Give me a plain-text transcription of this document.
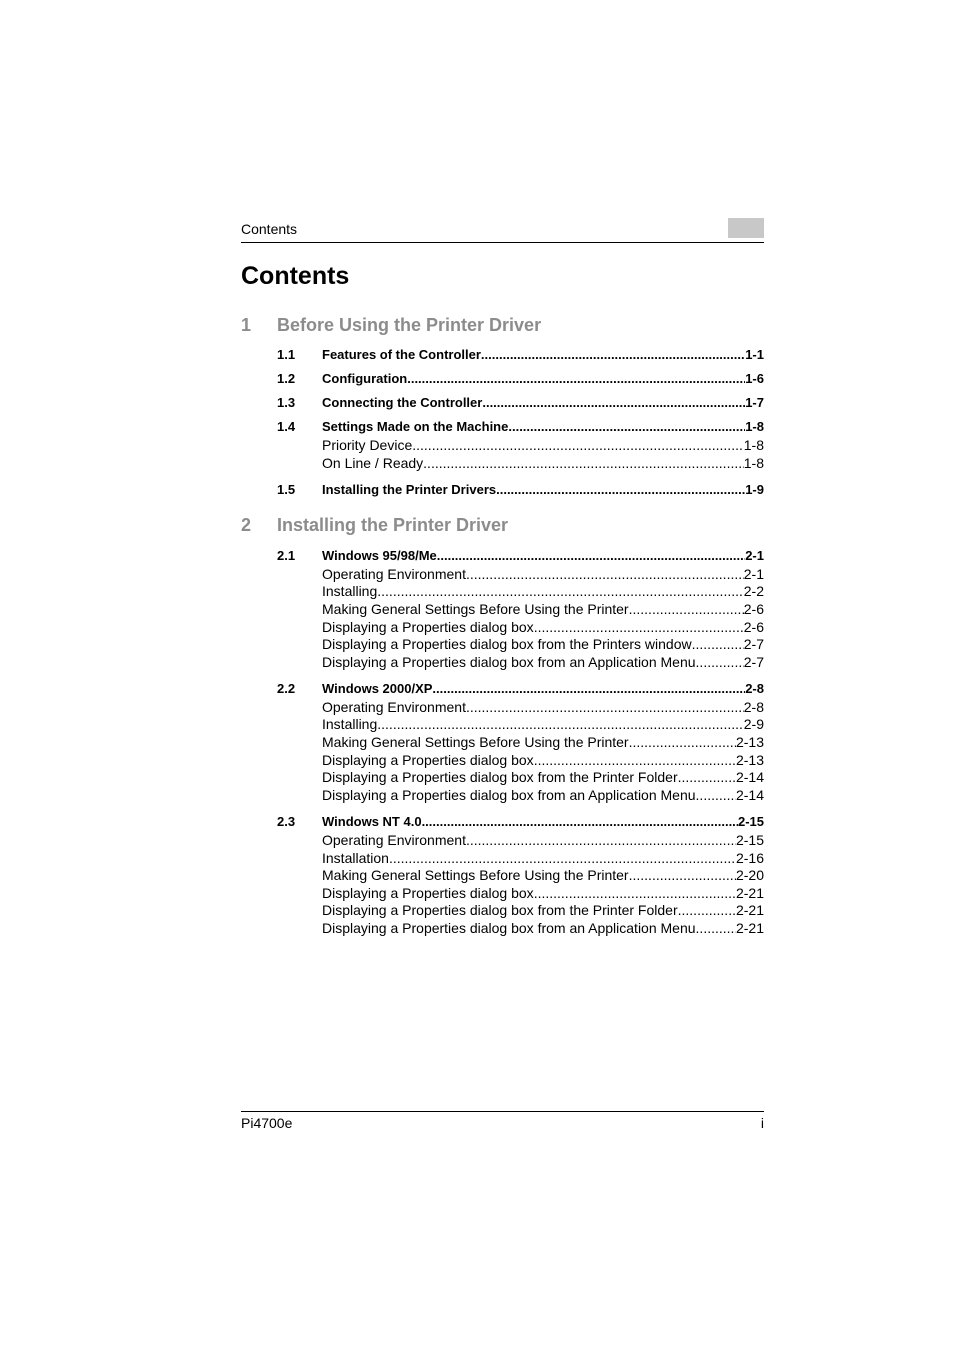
Contents
Contents
1 Before Using the Printer Driver
1.1 Features of the Controller .....	1-1
1.2 Configuration .....	1-6
1.3 Connecting the Controller .....	1-7
1.4 Settings Made on the Machine .....	1-8
Priority Device .....	1-8
On Line / Ready .....	1-8
1.5 Installing the Printer Drivers .....	1-9
2 Installing the Printer Driver
2.1 Windows 95/98/Me .....	2-1
Operating Environment .....	2-1
Installing .....	2-2
Making General Settings Before Using the Printer .....	2-6
Displaying a Properties dialog box .....	2-6
Displaying a Properties dialog box from the Printers window .....	2-7
Displaying a Properties dialog box from an Application Menu .....	2-7
2.2 Windows 2000/XP .....	2-8
Operating Environment .....	2-8
Installing .....	2-9
Making General Settings Before Using the Printer .....	2-13
Displaying a Properties dialog box .....	2-13
Displaying a Properties dialog box from the Printer Folder .....	2-14
Displaying a Properties dialog box from an Application Menu .....	2-14
2.3 Windows NT 4.0 .....	2-15
Operating Environment .....	2-15
Installation .....	2-16
Making General Settings Before Using the Printer .....	2-20
Displaying a Properties dialog box .....	2-21
Displaying a Properties dialog box from the Printer Folder .....	2-21
Displaying a Properties dialog box from an Application Menu .....	2-21
Pi4700e	i
